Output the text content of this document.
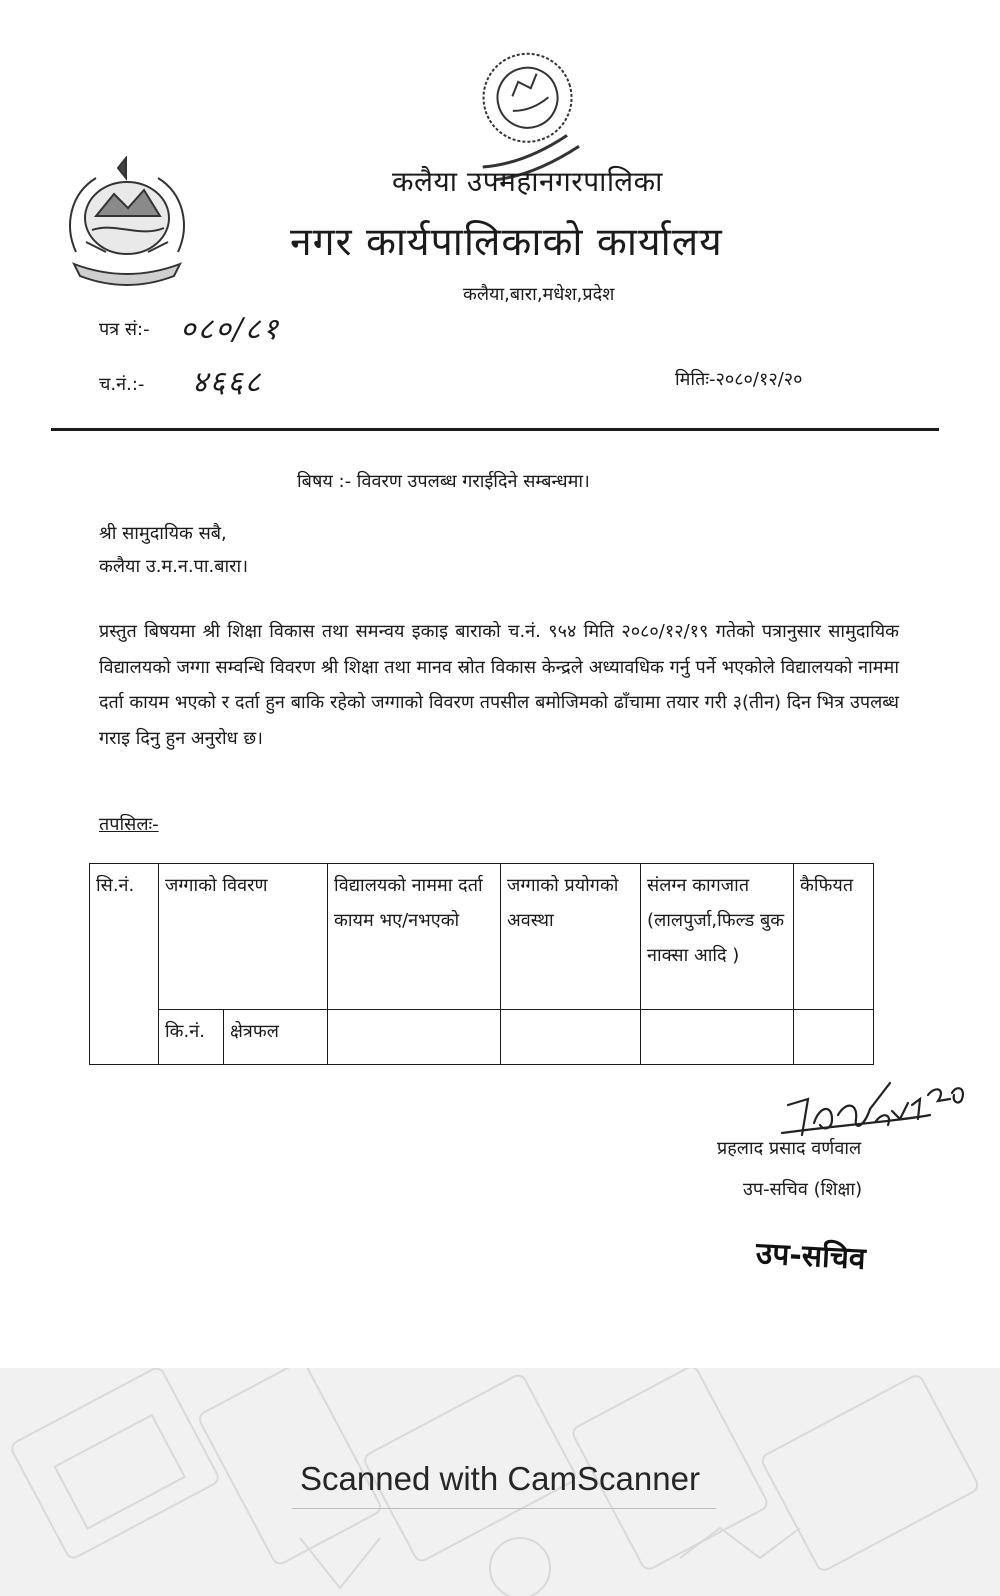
कलैया उपमहानगरपालिका
नगर कार्यपालिकाको कार्यालय
कलैया,बारा,मधेश,प्रदेश
पत्र सं:- ०८०/८१
च.नं.:- ४६६८	मितिः-२०८०/१२/२०
बिषय :- विवरण उपलब्ध गराईदिने सम्बन्धमा।
श्री सामुदायिक सबै,
कलैया उ.म.न.पा.बारा।
प्रस्तुत बिषयमा श्री शिक्षा विकास तथा समन्वय इकाइ बाराको च.नं. ९५४ मिति २०८०/१२/१९ गतेको पत्रानुसार सामुदायिक विद्यालयको जग्गा सम्वन्धि विवरण श्री शिक्षा तथा मानव स्रोत विकास केन्द्रले अध्यावधिक गर्नु पर्ने भएकोले विद्यालयको नाममा दर्ता कायम भएको र दर्ता हुन बाकि रहेको जग्गाको विवरण तपसील बमोजिमको ढाँचामा तयार गरी ३(तीन) दिन भित्र उपलब्ध गराइ दिनु हुन अनुरोध छ।
तपसिलः-
सि.नं.	जग्गाको विवरण		विद्यालयको नाममा दर्ता कायम भए/नभएको	जग्गाको प्रयोगको अवस्था	संलग्न कागजात (लालपुर्जा,फिल्ड बुक नाक्सा आदि )	कैफियत
	कि.नं.	क्षेत्रफल				
प्रहलाद प्रसाद वर्णवाल
उप-सचिव (शिक्षा)
उप-सचिव
Scanned with CamScanner
